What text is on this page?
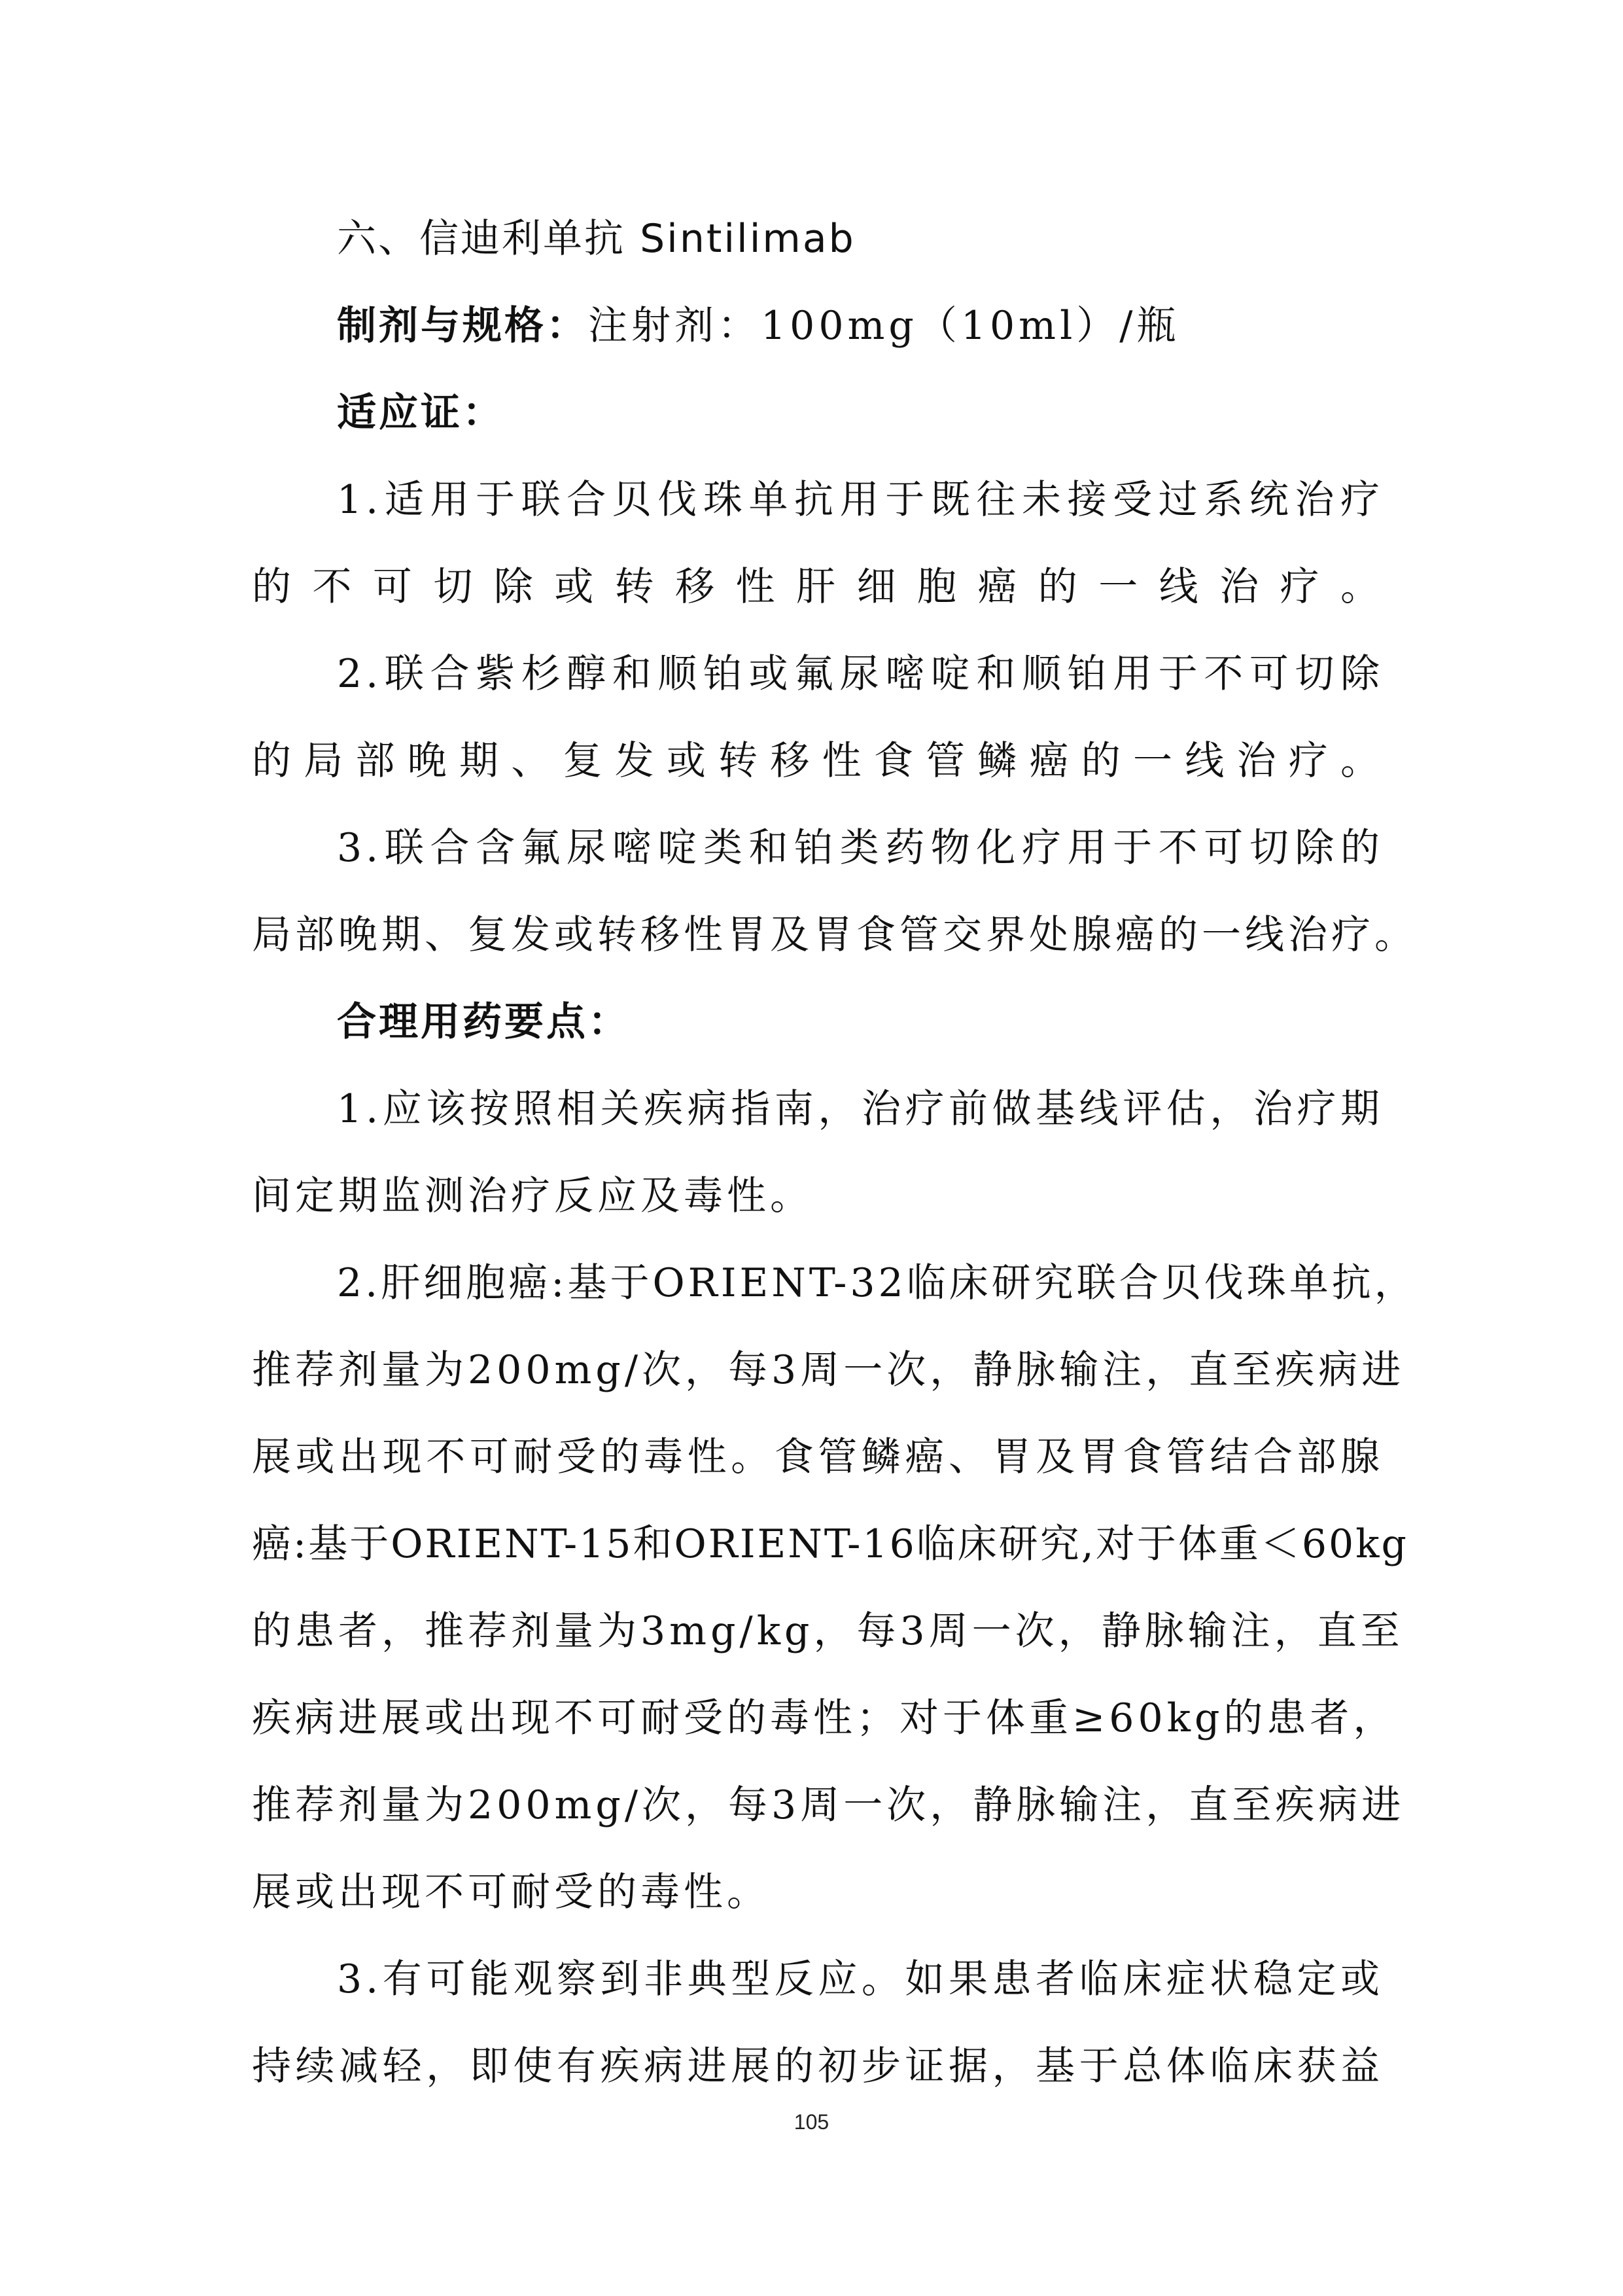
六、信迪利单抗 Sintilimab
制剂与规格：注射剂：100mg（10ml）/瓶
适应证：
1.适用于联合贝伐珠单抗用于既往未接受过系统治疗
的不可切除或转移性肝细胞癌的一线治疗。
2.联合紫杉醇和顺铂或氟尿嘧啶和顺铂用于不可切除
的局部晚期、复发或转移性食管鳞癌的一线治疗。
3.联合含氟尿嘧啶类和铂类药物化疗用于不可切除的
局部晚期、复发或转移性胃及胃食管交界处腺癌的一线治疗。
合理用药要点：
1.应该按照相关疾病指南，治疗前做基线评估，治疗期
间定期监测治疗反应及毒性。
2.肝细胞癌:基于ORIENT-32临床研究联合贝伐珠单抗，
推荐剂量为200mg/次，每3周一次，静脉输注，直至疾病进
展或出现不可耐受的毒性。食管鳞癌、胃及胃食管结合部腺
癌:基于ORIENT-15和ORIENT-16临床研究,对于体重＜60kg
的患者，推荐剂量为3mg/kg，每3周一次，静脉输注，直至
疾病进展或出现不可耐受的毒性；对于体重≥60kg的患者，
推荐剂量为200mg/次，每3周一次，静脉输注，直至疾病进
展或出现不可耐受的毒性。
3.有可能观察到非典型反应。如果患者临床症状稳定或
持续减轻，即使有疾病进展的初步证据，基于总体临床获益
105
